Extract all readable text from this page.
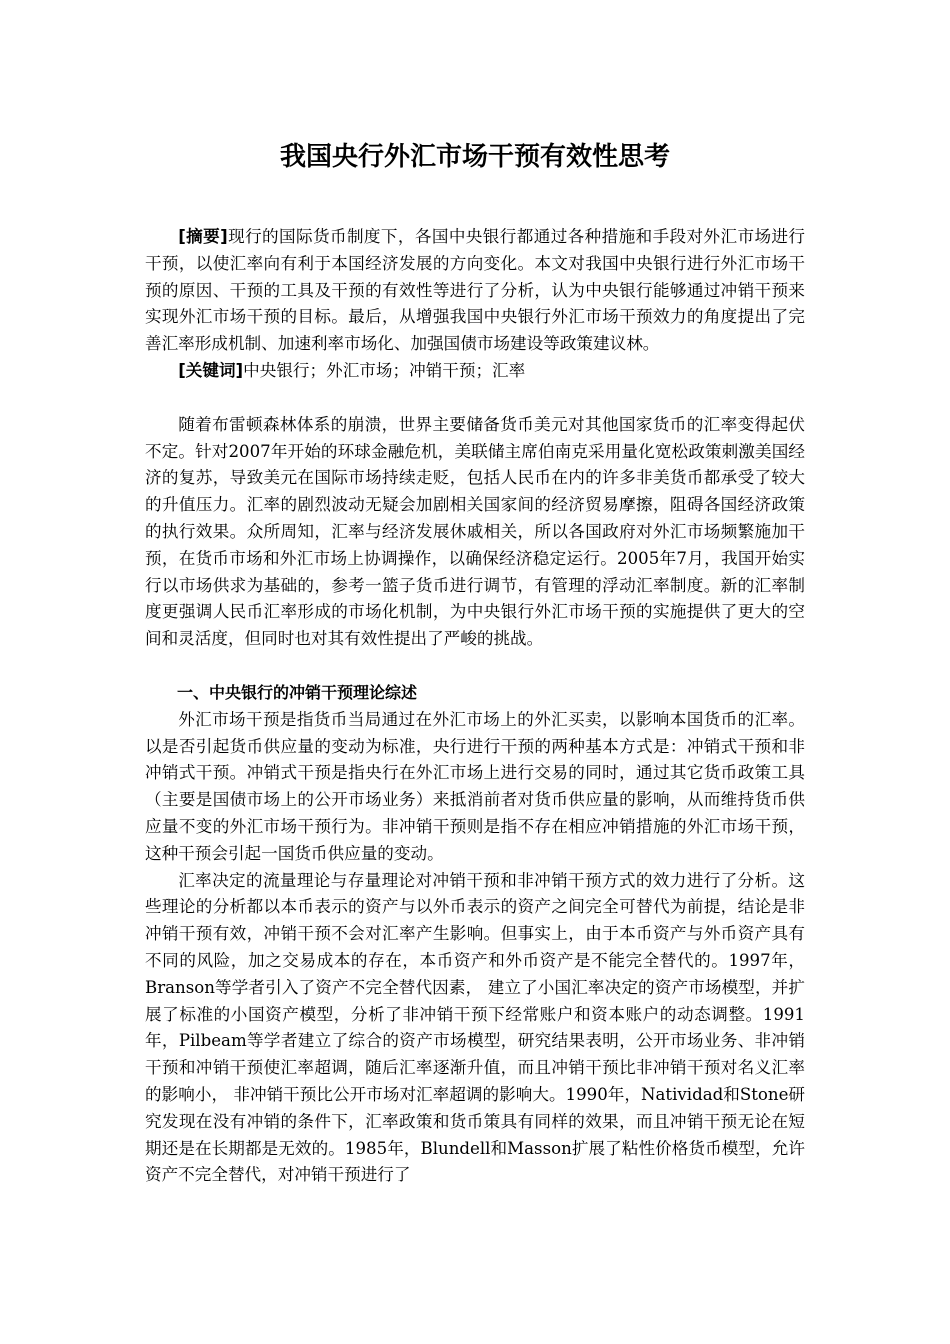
我国央行外汇市场干预有效性思考

[摘要]现行的国际货币制度下，各国中央银行都通过各种措施和手段对外汇市场进行干预，以使汇率向有利于本国经济发展的方向变化。本文对我国中央银行进行外汇市场干预的原因、干预的工具及干预的有效性等进行了分析，认为中央银行能够通过冲销干预来实现外汇市场干预的目标。最后，从增强我国中央银行外汇市场干预效力的角度提出了完善汇率形成机制、加速利率市场化、加强国债市场建设等政策建议林。

[关键词]中央银行；外汇市场；冲销干预；汇率

随着布雷顿森林体系的崩溃，世界主要储备货币美元对其他国家货币的汇率变得起伏不定。针对2007年开始的环球金融危机，美联储主席伯南克采用量化宽松政策刺激美国经济的复苏，导致美元在国际市场持续走贬，包括人民币在内的许多非美货币都承受了较大的升值压力。汇率的剧烈波动无疑会加剧相关国家间的经济贸易摩擦，阻碍各国经济政策的执行效果。众所周知，汇率与经济发展休戚相关，所以各国政府对外汇市场频繁施加干预，在货币市场和外汇市场上协调操作，以确保经济稳定运行。2005年7月，我国开始实行以市场供求为基础的，参考一篮子货币进行调节，有管理的浮动汇率制度。新的汇率制度更强调人民币汇率形成的市场化机制，为中央银行外汇市场干预的实施提供了更大的空间和灵活度，但同时也对其有效性提出了严峻的挑战。

一、中央银行的冲销干预理论综述

外汇市场干预是指货币当局通过在外汇市场上的外汇买卖，以影响本国货币的汇率。以是否引起货币供应量的变动为标准，央行进行干预的两种基本方式是：冲销式干预和非冲销式干预。冲销式干预是指央行在外汇市场上进行交易的同时，通过其它货币政策工具（主要是国债市场上的公开市场业务）来抵消前者对货币供应量的影响，从而维持货币供应量不变的外汇市场干预行为。非冲销干预则是指不存在相应冲销措施的外汇市场干预，这种干预会引起一国货币供应量的变动。

汇率决定的流量理论与存量理论对冲销干预和非冲销干预方式的效力进行了分析。这些理论的分析都以本币表示的资产与以外币表示的资产之间完全可替代为前提，结论是非冲销干预有效，冲销干预不会对汇率产生影响。但事实上，由于本币资产与外币资产具有不同的风险，加之交易成本的存在，本币资产和外币资产是不能完全替代的。1997年，Branson等学者引入了资产不完全替代因素， 建立了小国汇率决定的资产市场模型，并扩展了标准的小国资产模型，分析了非冲销干预下经常账户和资本账户的动态调整。1991年，Pilbeam等学者建立了综合的资产市场模型，研究结果表明，公开市场业务、非冲销干预和冲销干预使汇率超调，随后汇率逐渐升值，而且冲销干预比非冲销干预对名义汇率的影响小， 非冲销干预比公开市场对汇率超调的影响大。1990年，Natividad和Stone研究发现在没有冲销的条件下，汇率政策和货币策具有同样的效果，而且冲销干预无论在短期还是在长期都是无效的。1985年，Blundell和Masson扩展了粘性价格货币模型，允许资产不完全替代，对冲销干预进行了
